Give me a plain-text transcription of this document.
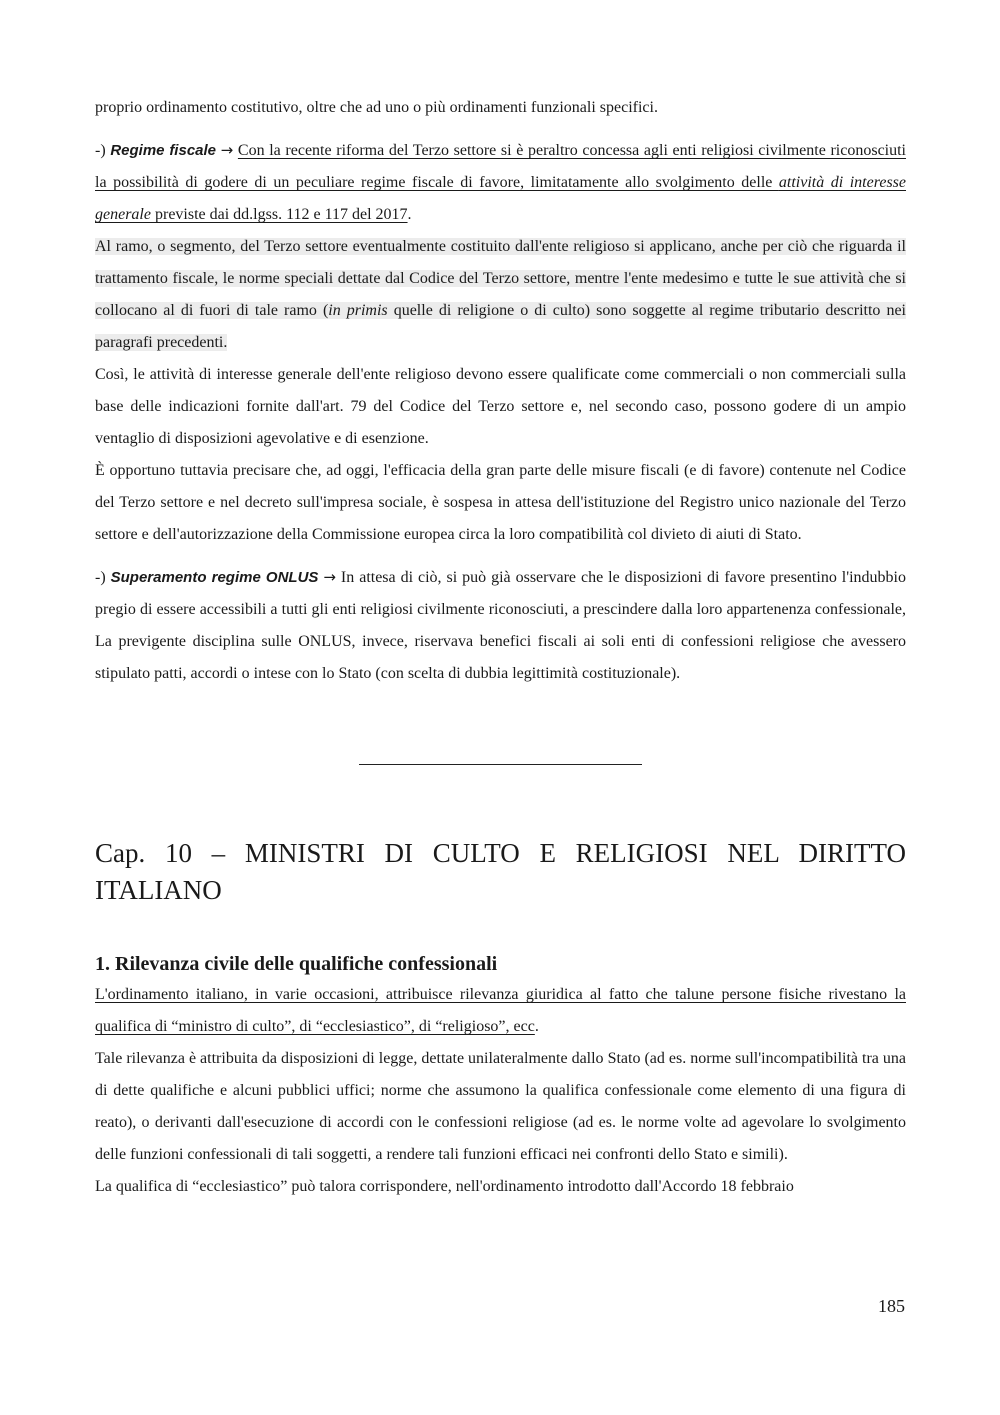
proprio ordinamento costitutivo, oltre che ad uno o più ordinamenti funzionali specifici.

-) Regime fiscale → Con la recente riforma del Terzo settore si è peraltro concessa agli enti religiosi civilmente riconosciuti la possibilità di godere di un peculiare regime fiscale di favore, limitatamente allo svolgimento delle attività di interesse generale previste dai dd.lgss. 112 e 117 del 2017.

Al ramo, o segmento, del Terzo settore eventualmente costituito dall'ente religioso si applicano, anche per ciò che riguarda il trattamento fiscale, le norme speciali dettate dal Codice del Terzo settore, mentre l'ente medesimo e tutte le sue attività che si collocano al di fuori di tale ramo (in primis quelle di religione o di culto) sono soggette al regime tributario descritto nei paragrafi precedenti.

Così, le attività di interesse generale dell'ente religioso devono essere qualificate come commerciali o non commerciali sulla base delle indicazioni fornite dall'art. 79 del Codice del Terzo settore e, nel secondo caso, possono godere di un ampio ventaglio di disposizioni agevolative e di esenzione.

È opportuno tuttavia precisare che, ad oggi, l'efficacia della gran parte delle misure fiscali (e di favore) contenute nel Codice del Terzo settore e nel decreto sull'impresa sociale, è sospesa in attesa dell'istituzione del Registro unico nazionale del Terzo settore e dell'autorizzazione della Commissione europea circa la loro compatibilità col divieto di aiuti di Stato.

-) Superamento regime ONLUS → In attesa di ciò, si può già osservare che le disposizioni di favore presentino l'indubbio pregio di essere accessibili a tutti gli enti religiosi civilmente riconosciuti, a prescindere dalla loro appartenenza confessionale, La previgente disciplina sulle ONLUS, invece, riservava benefici fiscali ai soli enti di confessioni religiose che avessero stipulato patti, accordi o intese con lo Stato (con scelta di dubbia legittimità costituzionale).

Cap. 10 – MINISTRI DI CULTO E RELIGIOSI NEL DIRITTO ITALIANO
1. Rilevanza civile delle qualifiche confessionali

L'ordinamento italiano, in varie occasioni, attribuisce rilevanza giuridica al fatto che talune persone fisiche rivestano la qualifica di “ministro di culto”, di “ecclesiastico”, di “religioso”, ecc.

Tale rilevanza è attribuita da disposizioni di legge, dettate unilateralmente dallo Stato (ad es. norme sull'incompatibilità tra una di dette qualifiche e alcuni pubblici uffici; norme che assumono la qualifica confessionale come elemento di una figura di reato), o derivanti dall'esecuzione di accordi con le confessioni religiose (ad es. le norme volte ad agevolare lo svolgimento delle funzioni confessionali di tali soggetti, a rendere tali funzioni efficaci nei confronti dello Stato e simili).

La qualifica di “ecclesiastico” può talora corrispondere, nell'ordinamento introdotto dall'Accordo 18 febbraio

185
